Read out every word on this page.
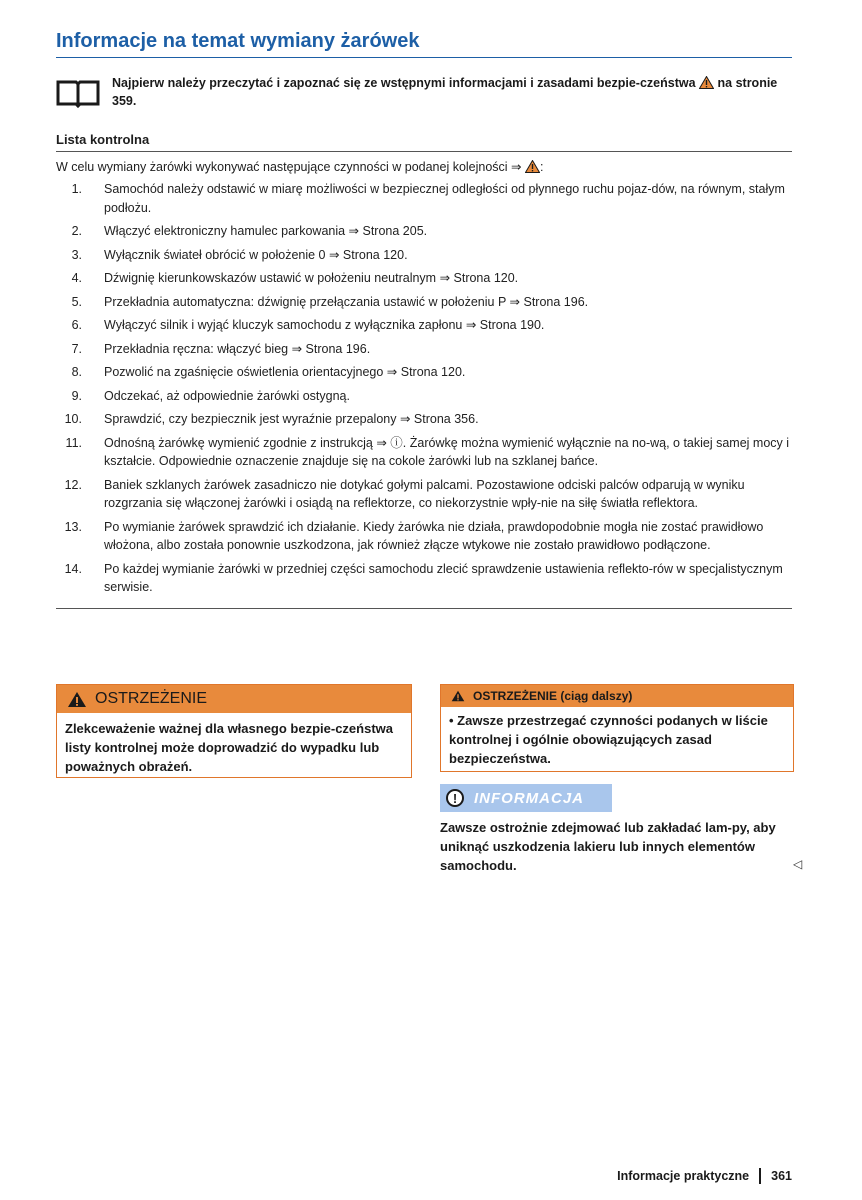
Informacje na temat wymiany żarówek
Najpierw należy przeczytać i zapoznać się ze wstępnymi informacjami i zasadami bezpie-czeństwa na stronie 359.
Lista kontrolna
W celu wymiany żarówki wykonywać następujące czynności w podanej kolejności ⇒ :
1. Samochód należy odstawić w miarę możliwości w bezpiecznej odległości od płynnego ruchu pojaz-dów, na równym, stałym podłożu.
2. Włączyć elektroniczny hamulec parkowania ⇒ Strona 205.
3. Wyłącznik świateł obrócić w położenie 0 ⇒ Strona 120.
4. Dźwignię kierunkowskazów ustawić w położeniu neutralnym ⇒ Strona 120.
5. Przekładnia automatyczna: dźwignię przełączania ustawić w położeniu P ⇒ Strona 196.
6. Wyłączyć silnik i wyjąć kluczyk samochodu z wyłącznika zapłonu ⇒ Strona 190.
7. Przekładnia ręczna: włączyć bieg ⇒ Strona 196.
8. Pozwolić na zgaśnięcie oświetlenia orientacyjnego ⇒ Strona 120.
9. Odczekać, aż odpowiednie żarówki ostygną.
10. Sprawdzić, czy bezpiecznik jest wyraźnie przepalony ⇒ Strona 356.
11. Odnośną żarówkę wymienić zgodnie z instrukcją ⇒ ⓘ. Żarówkę można wymienić wyłącznie na no-wą, o takiej samej mocy i kształcie. Odpowiednie oznaczenie znajduje się na cokole żarówki lub na szklanej bańce.
12. Baniek szklanych żarówek zasadniczo nie dotykać gołymi palcami. Pozostawione odciski palców odparują w wyniku rozgrzania się włączonej żarówki i osiądą na reflektorze, co niekorzystnie wpły-nie na siłę światła reflektora.
13. Po wymianie żarówek sprawdzić ich działanie. Kiedy żarówka nie działa, prawdopodobnie mogła nie zostać prawidłowo włożona, albo została ponownie uszkodzona, jak również złącze wtykowe nie zostało prawidłowo podłączone.
14. Po każdej wymianie żarówki w przedniej części samochodu zlecić sprawdzenie ustawienia reflekto-rów w specjalistycznym serwisie.
OSTRZEŻENIE
Zlekceważenie ważnej dla własnego bezpie-czeństwa listy kontrolnej może doprowadzić do wypadku lub poważnych obrażeń.
OSTRZEŻENIE (ciąg dalszy)
• Zawsze przestrzegać czynności podanych w liście kontrolnej i ogólnie obowiązujących zasad bezpieczeństwa.
!	INFORMACJA
Zawsze ostrożnie zdejmować lub zakładać lam-py, aby uniknąć uszkodzenia lakieru lub innych elementów samochodu.	◁
Informacje praktyczne 361
